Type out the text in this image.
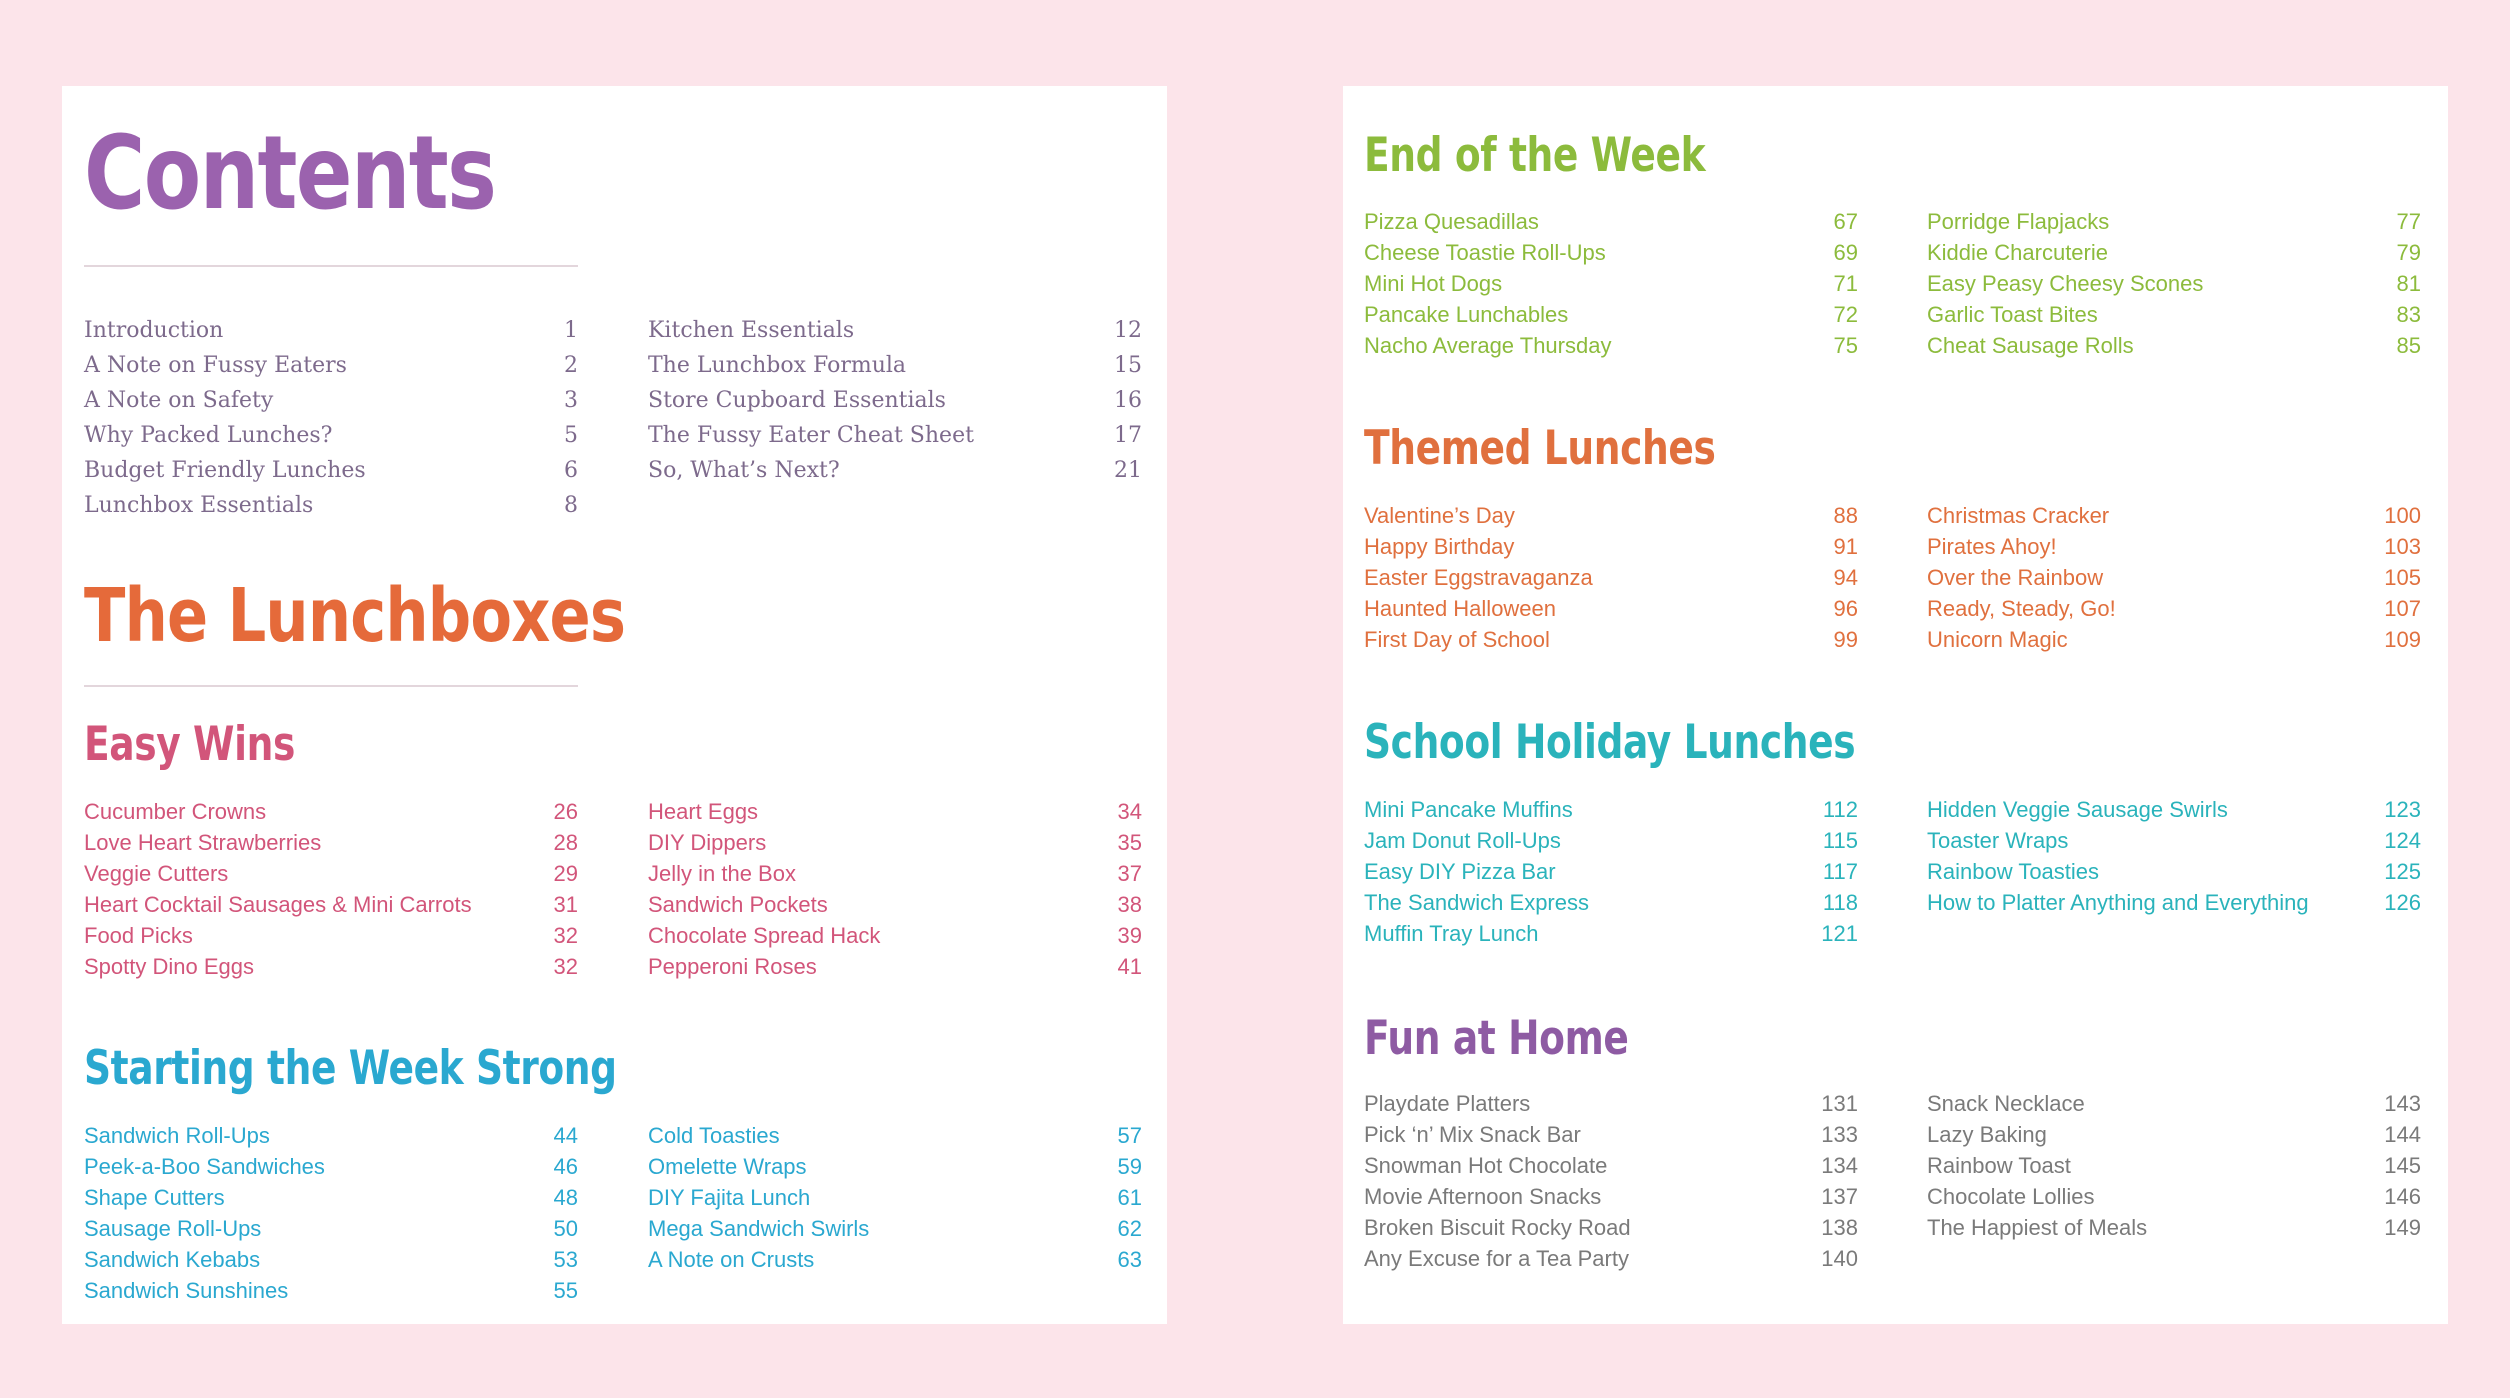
Contents
Introduction	1
A Note on Fussy Eaters	2
A Note on Safety	3
Why Packed Lunches?	5
Budget Friendly Lunches	6
Lunchbox Essentials	8
Kitchen Essentials	12
The Lunchbox Formula	15
Store Cupboard Essentials	16
The Fussy Eater Cheat Sheet	17
So, What’s Next?	21
The Lunchboxes
Easy Wins
Cucumber Crowns	26
Love Heart Strawberries	28
Veggie Cutters	29
Heart Cocktail Sausages & Mini Carrots	31
Food Picks	32
Spotty Dino Eggs	32
Heart Eggs	34
DIY Dippers	35
Jelly in the Box	37
Sandwich Pockets	38
Chocolate Spread Hack	39
Pepperoni Roses	41
Starting the Week Strong
Sandwich Roll-Ups	44
Peek-a-Boo Sandwiches	46
Shape Cutters	48
Sausage Roll-Ups	50
Sandwich Kebabs	53
Sandwich Sunshines	55
Cold Toasties	57
Omelette Wraps	59
DIY Fajita Lunch	61
Mega Sandwich Swirls	62
A Note on Crusts	63
End of the Week
Pizza Quesadillas	67
Cheese Toastie Roll-Ups	69
Mini Hot Dogs	71
Pancake Lunchables	72
Nacho Average Thursday	75
Porridge Flapjacks	77
Kiddie Charcuterie	79
Easy Peasy Cheesy Scones	81
Garlic Toast Bites	83
Cheat Sausage Rolls	85
Themed Lunches
Valentine’s Day	88
Happy Birthday	91
Easter Eggstravaganza	94
Haunted Halloween	96
First Day of School	99
Christmas Cracker	100
Pirates Ahoy!	103
Over the Rainbow	105
Ready, Steady, Go!	107
Unicorn Magic	109
School Holiday Lunches
Mini Pancake Muffins	112
Jam Donut Roll-Ups	115
Easy DIY Pizza Bar	117
The Sandwich Express	118
Muffin Tray Lunch	121
Hidden Veggie Sausage Swirls	123
Toaster Wraps	124
Rainbow Toasties	125
How to Platter Anything and Everything	126
Fun at Home
Playdate Platters	131
Pick ‘n’ Mix Snack Bar	133
Snowman Hot Chocolate	134
Movie Afternoon Snacks	137
Broken Biscuit Rocky Road	138
Any Excuse for a Tea Party	140
Snack Necklace	143
Lazy Baking	144
Rainbow Toast	145
Chocolate Lollies	146
The Happiest of Meals	149
